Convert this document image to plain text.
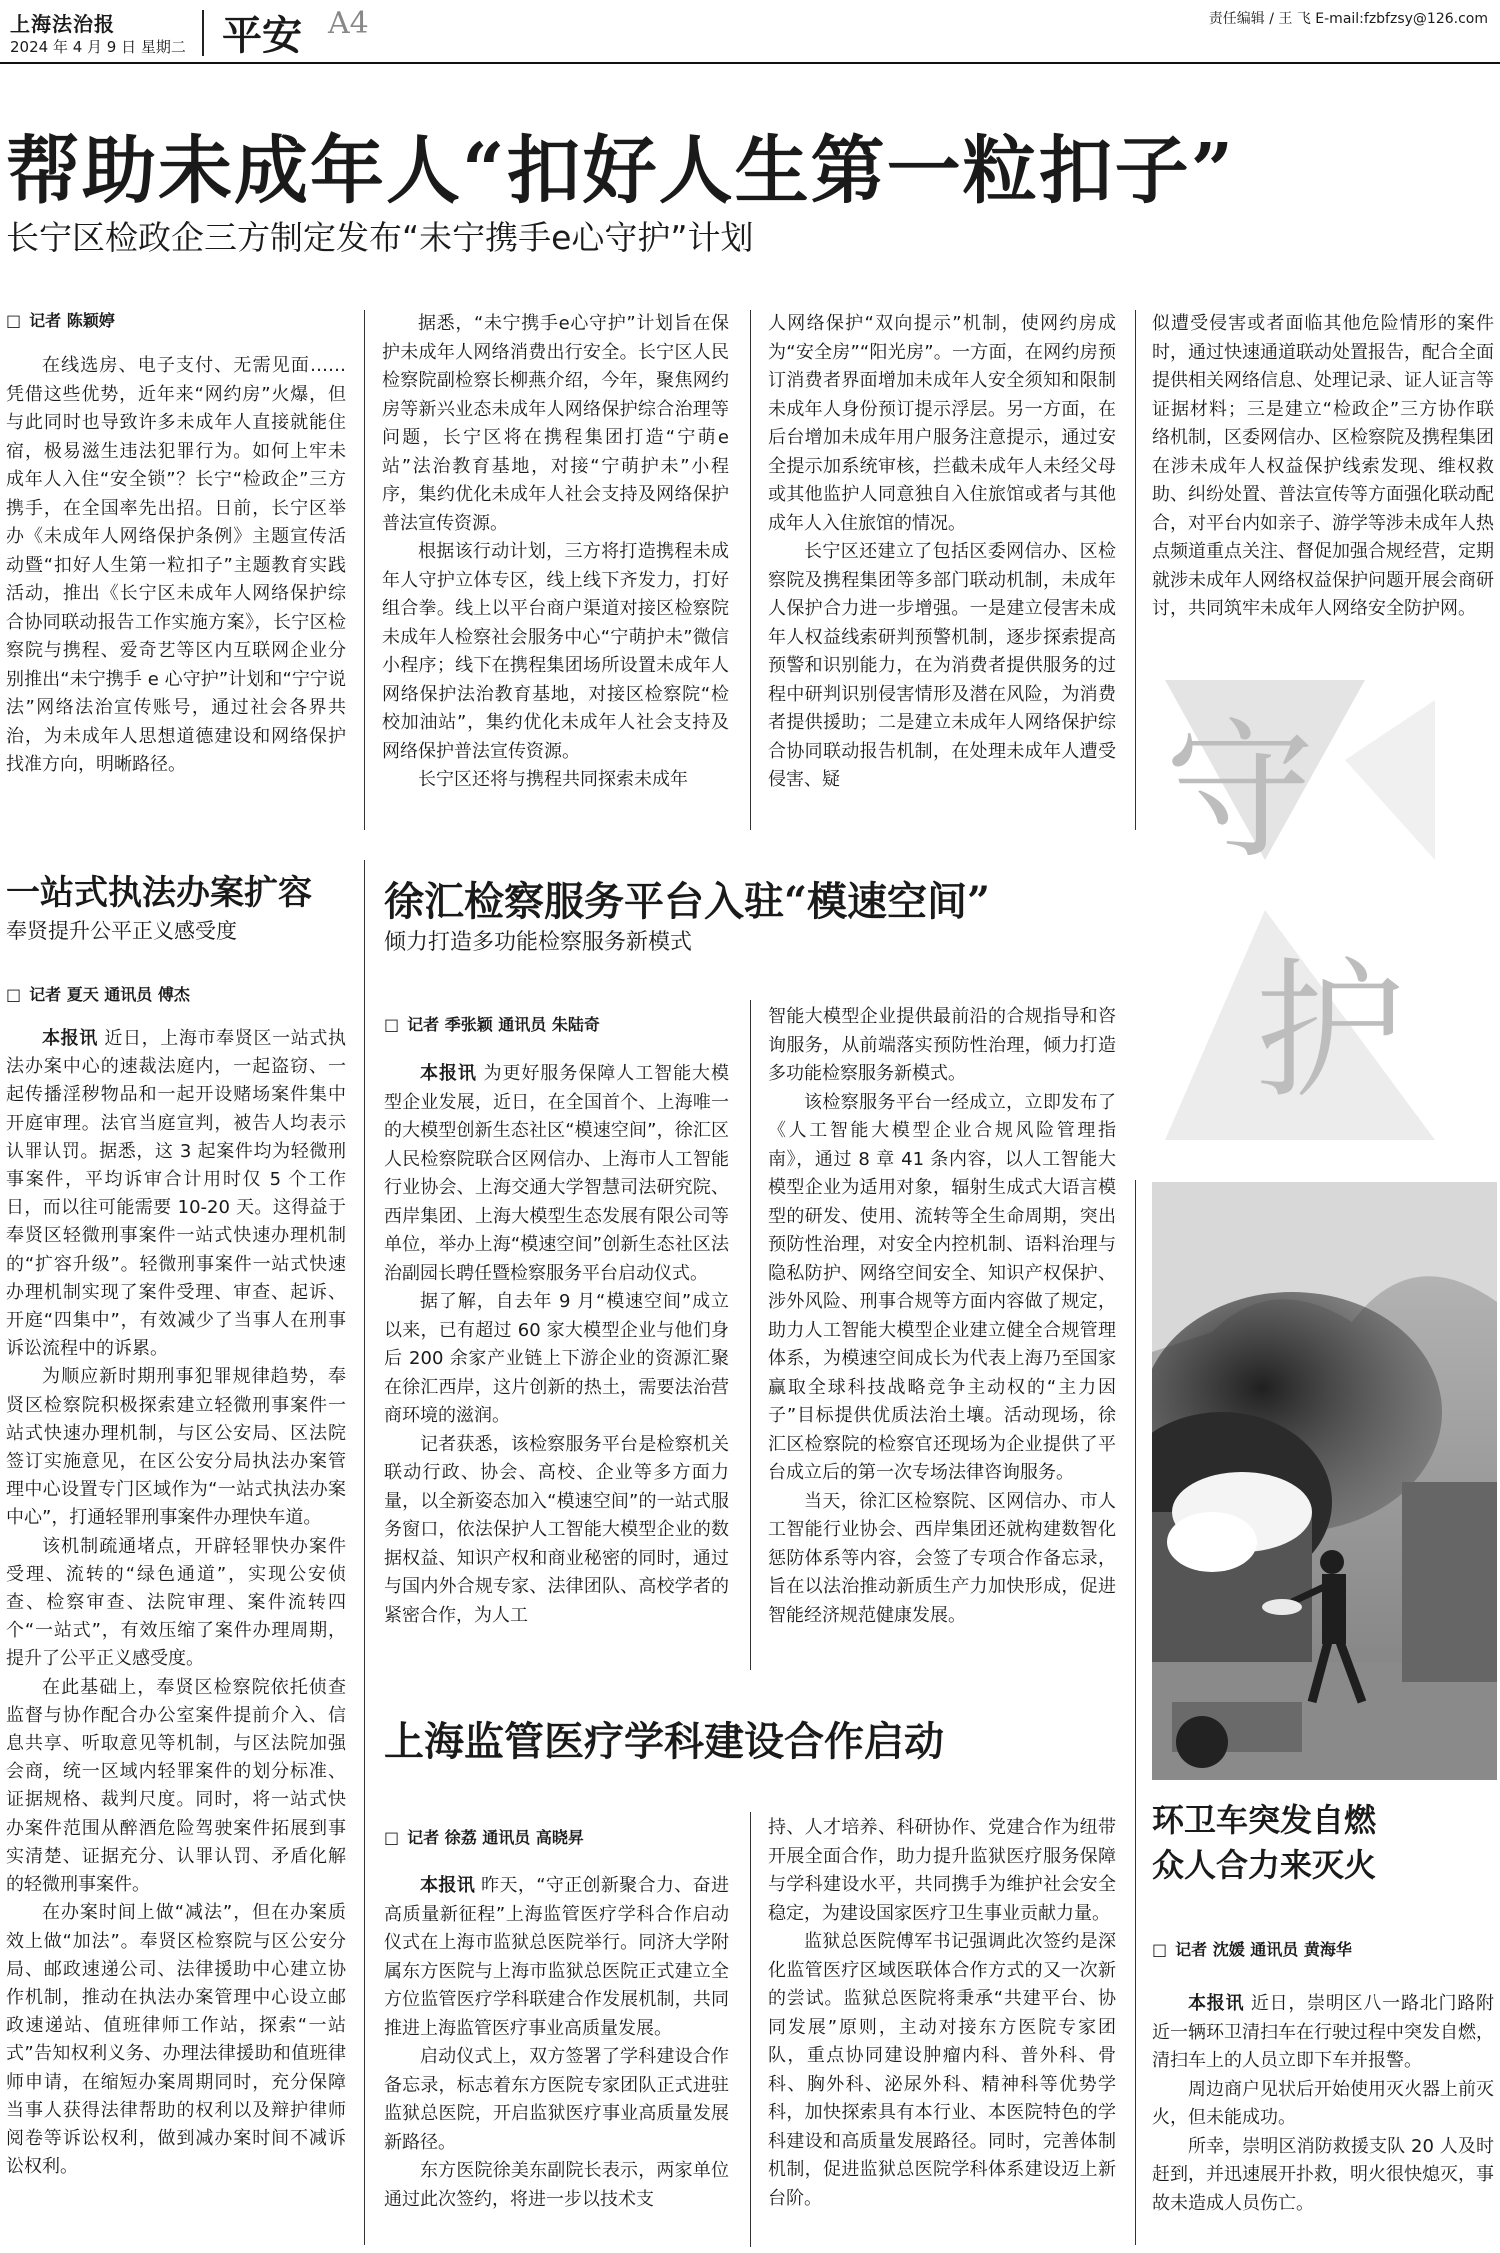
上海法治报
2024 年 4 月 9 日 星期二 平安 A4	责任编辑 / 王 飞 E-mail:fzbfzsy@126.com
帮助未成年人“扣好人生第一粒扣子”
长宁区检政企三方制定发布“未宁携手e心守护”计划
□ 记者 陈颖婷

在线选房、电子支付、无需见面……凭借这些优势，近年来“网约房”火爆，但与此同时也导致许多未成年人直接就能住宿，极易滋生违法犯罪行为。如何上牢未成年人入住“安全锁”？长宁“检政企”三方携手，在全国率先出招。日前，长宁区举办《未成年人网络保护条例》主题宣传活动暨“扣好人生第一粒扣子”主题教育实践活动，推出《长宁区未成年人网络保护综合协同联动报告工作实施方案》，长宁区检察院与携程、爱奇艺等区内互联网企业分别推出“未宁携手 e 心守护”计划和“宁宁说法”网络法治宣传账号，通过社会各界共治，为未成年人思想道德建设和网络保护找准方向，明晰路径。

据悉，“未宁携手e心守护”计划旨在保护未成年人网络消费出行安全。长宁区人民检察院副检察长柳燕介绍，今年，聚焦网约房等新兴业态未成年人网络保护综合治理等问题，长宁区将在携程集团打造“宁萌e站”法治教育基地，对接“宁萌护未”小程序，集约优化未成年人社会支持及网络保护普法宣传资源。

根据该行动计划，三方将打造携程未成年人守护立体专区，线上线下齐发力，打好组合拳。线上以平台商户渠道对接区检察院未成年人检察社会服务中心“宁萌护未”微信小程序；线下在携程集团场所设置未成年人网络保护法治教育基地，对接区检察院“检校加油站”，集约优化未成年人社会支持及网络保护普法宣传资源。

长宁区还将与携程共同探索未成年

人网络保护“双向提示”机制，使网约房成为“安全房”“阳光房”。一方面，在网约房预订消费者界面增加未成年人安全须知和限制未成年人身份预订提示浮层。另一方面，在后台增加未成年用户服务注意提示，通过安全提示加系统审核，拦截未成年人未经父母或其他监护人同意独自入住旅馆或者与其他成年人入住旅馆的情况。

长宁区还建立了包括区委网信办、区检察院及携程集团等多部门联动机制，未成年人保护合力进一步增强。一是建立侵害未成年人权益线索研判预警机制，逐步探索提高预警和识别能力，在为消费者提供服务的过程中研判识别侵害情形及潜在风险，为消费者提供援助；二是建立未成年人网络保护综合协同联动报告机制，在处理未成年人遭受侵害、疑

似遭受侵害或者面临其他危险情形的案件时，通过快速通道联动处置报告，配合全面提供相关网络信息、处理记录、证人证言等证据材料；三是建立“检政企”三方协作联络机制，区委网信办、区检察院及携程集团在涉未成年人权益保护线索发现、维权救助、纠纷处置、普法宣传等方面强化联动配合，对平台内如亲子、游学等涉未成年人热点频道重点关注、督促加强合规经营，定期就涉未成年人网络权益保护问题开展会商研讨，共同筑牢未成年人网络安全防护网。

一站式执法办案扩容
奉贤提升公平正义感受度
□ 记者 夏天 通讯员 傅杰

本报讯 近日，上海市奉贤区一站式执法办案中心的速裁法庭内，一起盗窃、一起传播淫秽物品和一起开设赌场案件集中开庭审理。法官当庭宣判，被告人均表示认罪认罚。据悉，这 3 起案件均为轻微刑事案件，平均诉审合计用时仅 5 个工作日，而以往可能需要 10-20 天。这得益于奉贤区轻微刑事案件一站式快速办理机制的“扩容升级”。轻微刑事案件一站式快速办理机制实现了案件受理、审查、起诉、开庭“四集中”，有效减少了当事人在刑事诉讼流程中的诉累。

为顺应新时期刑事犯罪规律趋势，奉贤区检察院积极探索建立轻微刑事案件一站式快速办理机制，与区公安局、区法院签订实施意见，在区公安分局执法办案管理中心设置专门区域作为“一站式执法办案中心”，打通轻罪刑事案件办理快车道。

该机制疏通堵点，开辟轻罪快办案件受理、流转的“绿色通道”，实现公安侦查、检察审查、法院审理、案件流转四个“一站式”，有效压缩了案件办理周期，提升了公平正义感受度。

在此基础上，奉贤区检察院依托侦查监督与协作配合办公室案件提前介入、信息共享、听取意见等机制，与区法院加强会商，统一区域内轻罪案件的划分标准、证据规格、裁判尺度。同时，将一站式快办案件范围从醉酒危险驾驶案件拓展到事实清楚、证据充分、认罪认罚、矛盾化解的轻微刑事案件。

在办案时间上做“减法”，但在办案质效上做“加法”。奉贤区检察院与区公安分局、邮政速递公司、法律援助中心建立协作机制，推动在执法办案管理中心设立邮政速递站、值班律师工作站，探索“一站式”告知权利义务、办理法律援助和值班律师申请，在缩短办案周期同时，充分保障当事人获得法律帮助的权利以及辩护律师阅卷等诉讼权利，做到减办案时间不减诉讼权利。

徐汇检察服务平台入驻“模速空间”
倾力打造多功能检察服务新模式
□ 记者 季张颖 通讯员 朱陆奇

本报讯 为更好服务保障人工智能大模型企业发展，近日，在全国首个、上海唯一的大模型创新生态社区“模速空间”，徐汇区人民检察院联合区网信办、上海市人工智能行业协会、上海交通大学智慧司法研究院、西岸集团、上海大模型生态发展有限公司等单位，举办上海“模速空间”创新生态社区法治副园长聘任暨检察服务平台启动仪式。

据了解，自去年 9 月“模速空间”成立以来，已有超过 60 家大模型企业与他们身后 200 余家产业链上下游企业的资源汇聚在徐汇西岸，这片创新的热土，需要法治营商环境的滋润。

记者获悉，该检察服务平台是检察机关联动行政、协会、高校、企业等多方面力量，以全新姿态加入“模速空间”的一站式服务窗口，依法保护人工智能大模型企业的数据权益、知识产权和商业秘密的同时，通过与国内外合规专家、法律团队、高校学者的紧密合作，为人工

智能大模型企业提供最前沿的合规指导和咨询服务，从前端落实预防性治理，倾力打造多功能检察服务新模式。

该检察服务平台一经成立，立即发布了《人工智能大模型企业合规风险管理指南》，通过 8 章 41 条内容，以人工智能大模型企业为适用对象，辐射生成式大语言模型的研发、使用、流转等全生命周期，突出预防性治理，对安全内控机制、语料治理与隐私防护、网络空间安全、知识产权保护、涉外风险、刑事合规等方面内容做了规定，助力人工智能大模型企业建立健全合规管理体系，为模速空间成长为代表上海乃至国家赢取全球科技战略竞争主动权的“主力因子”目标提供优质法治土壤。活动现场，徐汇区检察院的检察官还现场为企业提供了平台成立后的第一次专场法律咨询服务。

当天，徐汇区检察院、区网信办、市人工智能行业协会、西岸集团还就构建数智化惩防体系等内容，会签了专项合作备忘录，旨在以法治推动新质生产力加快形成，促进智能经济规范健康发展。

上海监管医疗学科建设合作启动
□ 记者 徐荔 通讯员 高晓昇

本报讯 昨天，“守正创新聚合力、奋进高质量新征程”上海监管医疗学科合作启动仪式在上海市监狱总医院举行。同济大学附属东方医院与上海市监狱总医院正式建立全方位监管医疗学科联建合作发展机制，共同推进上海监管医疗事业高质量发展。

启动仪式上，双方签署了学科建设合作备忘录，标志着东方医院专家团队正式进驻监狱总医院，开启监狱医疗事业高质量发展新路径。

东方医院徐美东副院长表示，两家单位通过此次签约，将进一步以技术支

持、人才培养、科研协作、党建合作为纽带开展全面合作，助力提升监狱医疗服务保障与学科建设水平，共同携手为维护社会安全稳定，为建设国家医疗卫生事业贡献力量。

监狱总医院傅军书记强调此次签约是深化监管医疗区域医联体合作方式的又一次新的尝试。监狱总医院将秉承“共建平台、协同发展”原则，主动对接东方医院专家团队，重点协同建设肿瘤内科、普外科、骨科、胸外科、泌尿外科、精神科等优势学科，加快探索具有本行业、本医院特色的学科建设和高质量发展路径。同时，完善体制机制，促进监狱总医院学科体系建设迈上新台阶。

守
护
环卫车突发自燃
众人合力来灭火
□ 记者 沈媛 通讯员 黄海华

本报讯 近日，崇明区八一路北门路附近一辆环卫清扫车在行驶过程中突发自燃，清扫车上的人员立即下车并报警。

周边商户见状后开始使用灭火器上前灭火，但未能成功。

所幸，崇明区消防救援支队 20 人及时赶到，并迅速展开扑救，明火很快熄灭，事故未造成人员伤亡。
